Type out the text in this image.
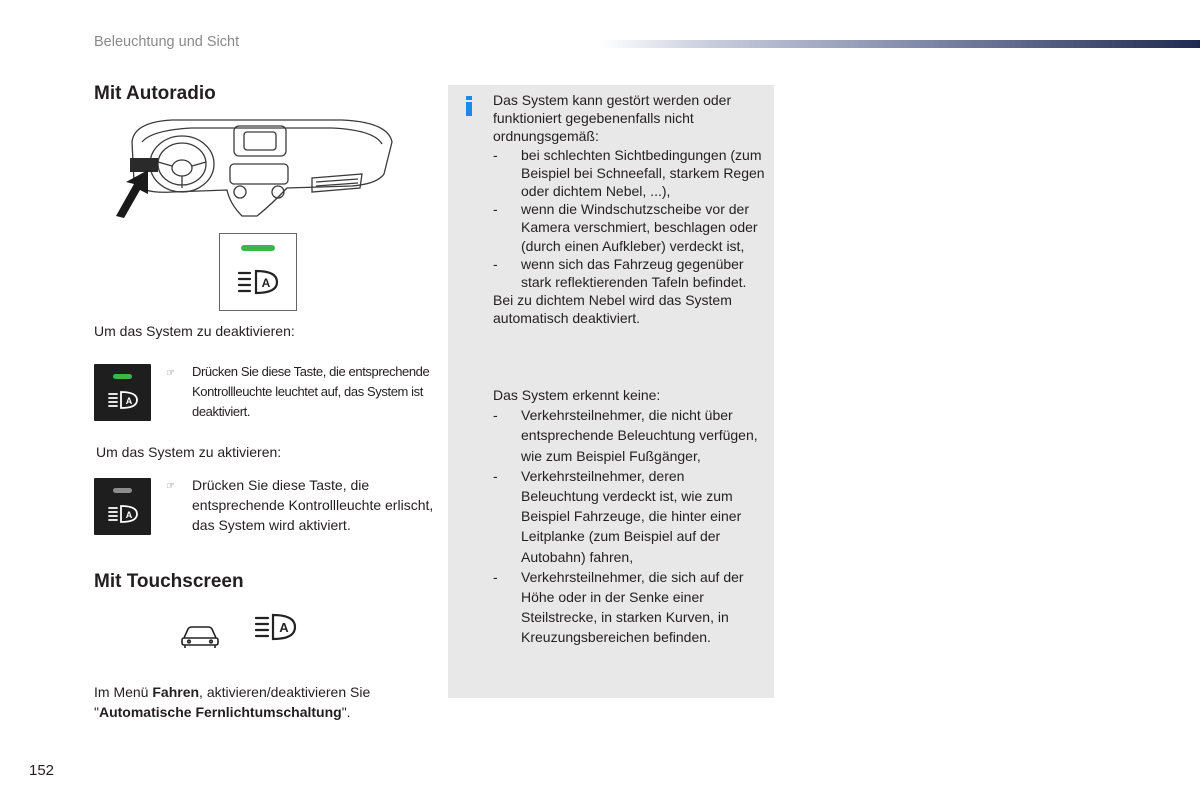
Beleuchtung und Sicht
Mit Autoradio
A
Um das System zu deaktivieren:
A
☞ Drücken Sie diese Taste, die entsprechende Kontrollleuchte leuchtet auf, das System ist deaktiviert.
Um das System zu aktivieren:
A
☞ Drücken Sie diese Taste, die entsprechende Kontrollleuchte erlischt, das System wird aktiviert.
Mit Touchscreen
A
Im Menü Fahren, aktivieren/deaktivieren Sie
"Automatische Fernlichtumschaltung".
Das System kann gestört werden oder funktioniert gegebenenfalls nicht ordnungsgemäß:
- bei schlechten Sichtbedingungen (zum Beispiel bei Schneefall, starkem Regen oder dichtem Nebel, ...),
- wenn die Windschutzscheibe vor der Kamera verschmiert, beschlagen oder (durch einen Aufkleber) verdeckt ist,
- wenn sich das Fahrzeug gegenüber stark reflektierenden Tafeln befindet.
Bei zu dichtem Nebel wird das System automatisch deaktiviert.
Das System erkennt keine:
- Verkehrsteilnehmer, die nicht über entsprechende Beleuchtung verfügen, wie zum Beispiel Fußgänger,
- Verkehrsteilnehmer, deren Beleuchtung verdeckt ist, wie zum Beispiel Fahrzeuge, die hinter einer Leitplanke (zum Beispiel auf der Autobahn) fahren,
- Verkehrsteilnehmer, die sich auf der Höhe oder in der Senke einer Steilstrecke, in starken Kurven, in Kreuzungsbereichen befinden.
152
